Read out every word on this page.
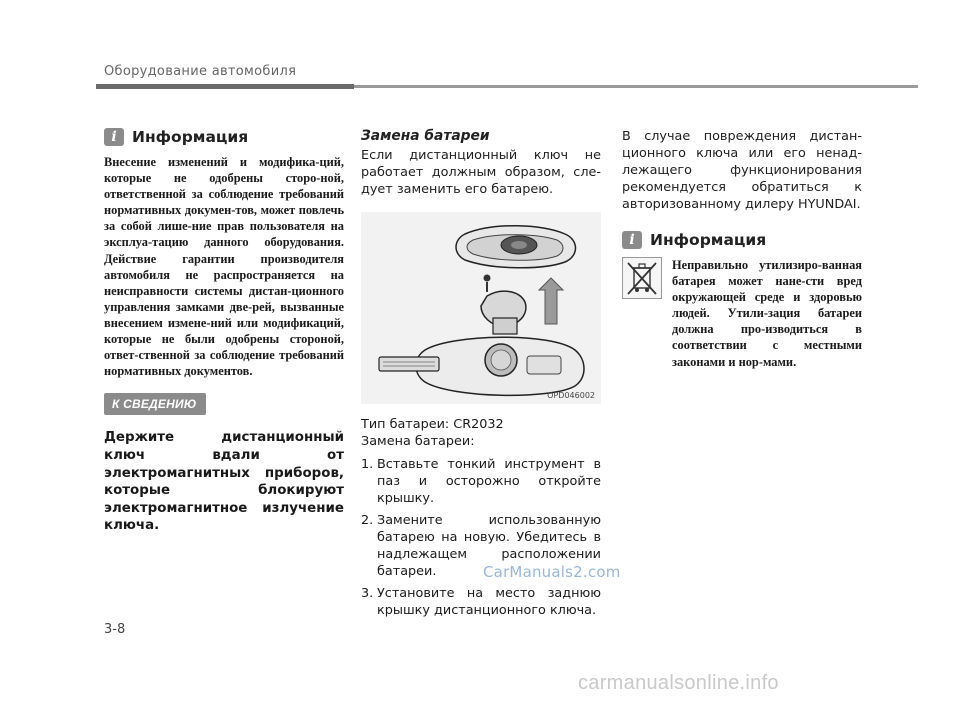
Оборудование автомобиля
i Информация
Внесение изменений и модифика-ций, которые не одобрены сторо-ной, ответственной за соблюдение требований нормативных докумен-тов, может повлечь за собой лише-ние прав пользователя на эксплуа-тацию данного оборудования. Действие гарантии производителя автомобиля не распространяется на неисправности системы дистан-ционного управления замками две-рей, вызванные внесением измене-ний или модификаций, которые не были одобрены стороной, ответ-ственной за соблюдение требований нормативных документов.
К СВЕДЕНИЮ
Держите дистанционный ключ вдали от электромагнитных приборов, которые блокируют электромагнитное излучение ключа.
Замена батареи
Если дистанционный ключ не работает должным образом, сле-дует заменить его батарею.
OPD046002
Тип батареи: CR2032
Замена батареи:
1. Вставьте тонкий инструмент в паз и осторожно откройте крышку.
2. Замените использованную батарею на новую. Убедитесь в надлежащем расположении батареи.
3. Установите на место заднюю крышку дистанционного ключа.
В случае повреждения дистан-ционного ключа или его ненад-лежащего функционирования рекомендуется обратиться к авторизованному дилеру HYUNDAI.
i Информация
Неправильно утилизиро-ванная батарея может нане-сти вред окружающей среде и здоровью людей. Утили-зация батареи должна про-изводиться в соответствии с местными законами и нор-мами.
3-8
CarManuals2.com
carmanualsonline.info
